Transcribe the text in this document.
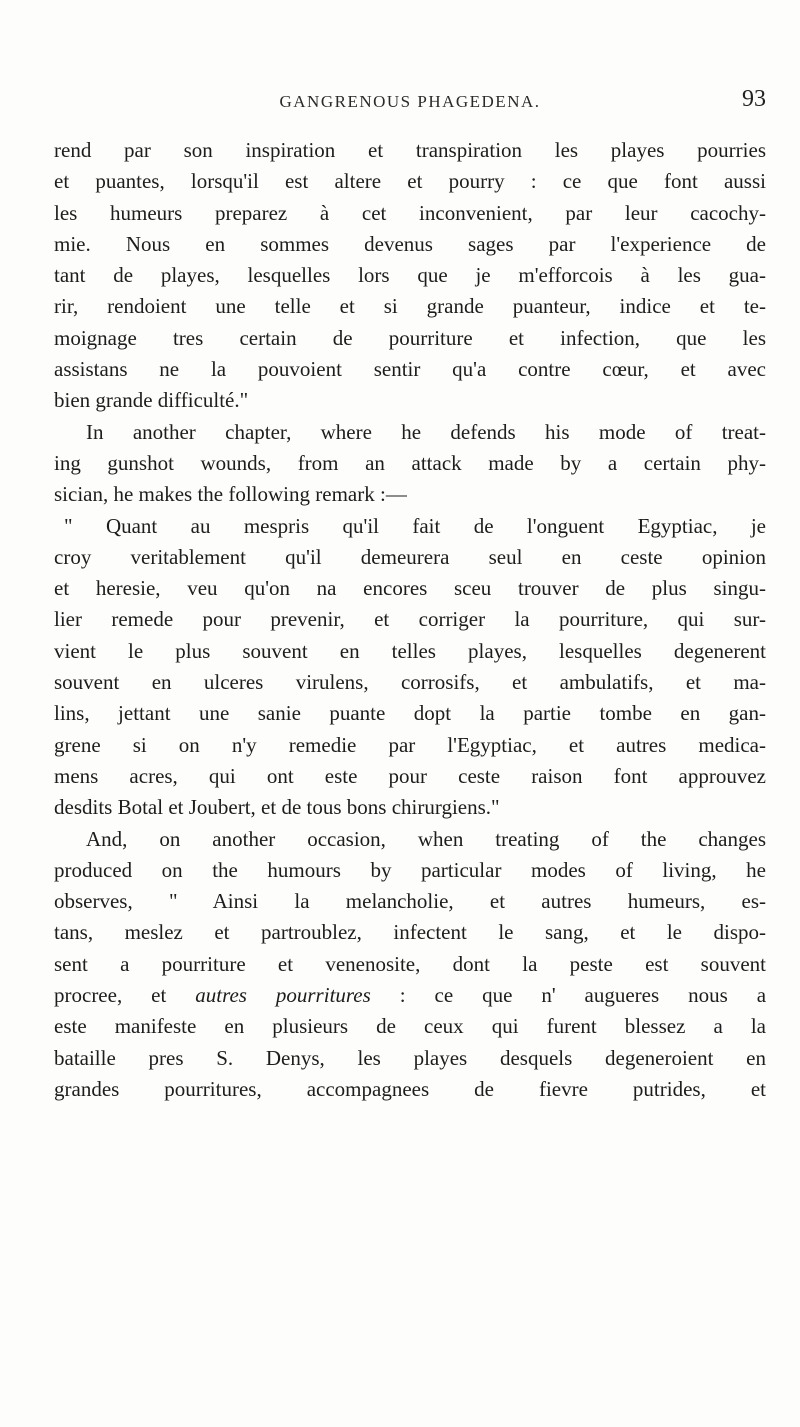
GANGRENOUS PHAGEDENA.	93
rend par son inspiration et transpiration les playes pourries
et puantes, lorsqu'il est altere et pourry : ce que font aussi
les humeurs preparez à cet inconvenient, par leur cacochy-
mie. Nous en sommes devenus sages par l'experience de
tant de playes, lesquelles lors que je m'efforcois à les gua-
rir, rendoient une telle et si grande puanteur, indice et te-
moignage tres certain de pourriture et infection, que les
assistans ne la pouvoient sentir qu'a contre cœur, et avec
bien grande difficulté."
In another chapter, where he defends his mode of treat-
ing gunshot wounds, from an attack made by a certain phy-
sician, he makes the following remark :—
" Quant au mespris qu'il fait de l'onguent Egyptiac, je
croy veritablement qu'il demeurera seul en ceste opinion
et heresie, veu qu'on na encores sceu trouver de plus singu-
lier remede pour prevenir, et corriger la pourriture, qui sur-
vient le plus souvent en telles playes, lesquelles degenerent
souvent en ulceres virulens, corrosifs, et ambulatifs, et ma-
lins, jettant une sanie puante dopt la partie tombe en gan-
grene si on n'y remedie par l'Egyptiac, et autres medica-
mens acres, qui ont este pour ceste raison font approuvez
desdits Botal et Joubert, et de tous bons chirurgiens."
And, on another occasion, when treating of the changes
produced on the humours by particular modes of living, he
observes, " Ainsi la melancholie, et autres humeurs, es-
tans, meslez et partroublez, infectent le sang, et le dispo-
sent a pourriture et venenosite, dont la peste est souvent
procree, et autres pourritures : ce que n' augueres nous a
este manifeste en plusieurs de ceux qui furent blessez a la
bataille pres S. Denys, les playes desquels degeneroient en
grandes pourritures, accompagnees de fievre putrides, et
